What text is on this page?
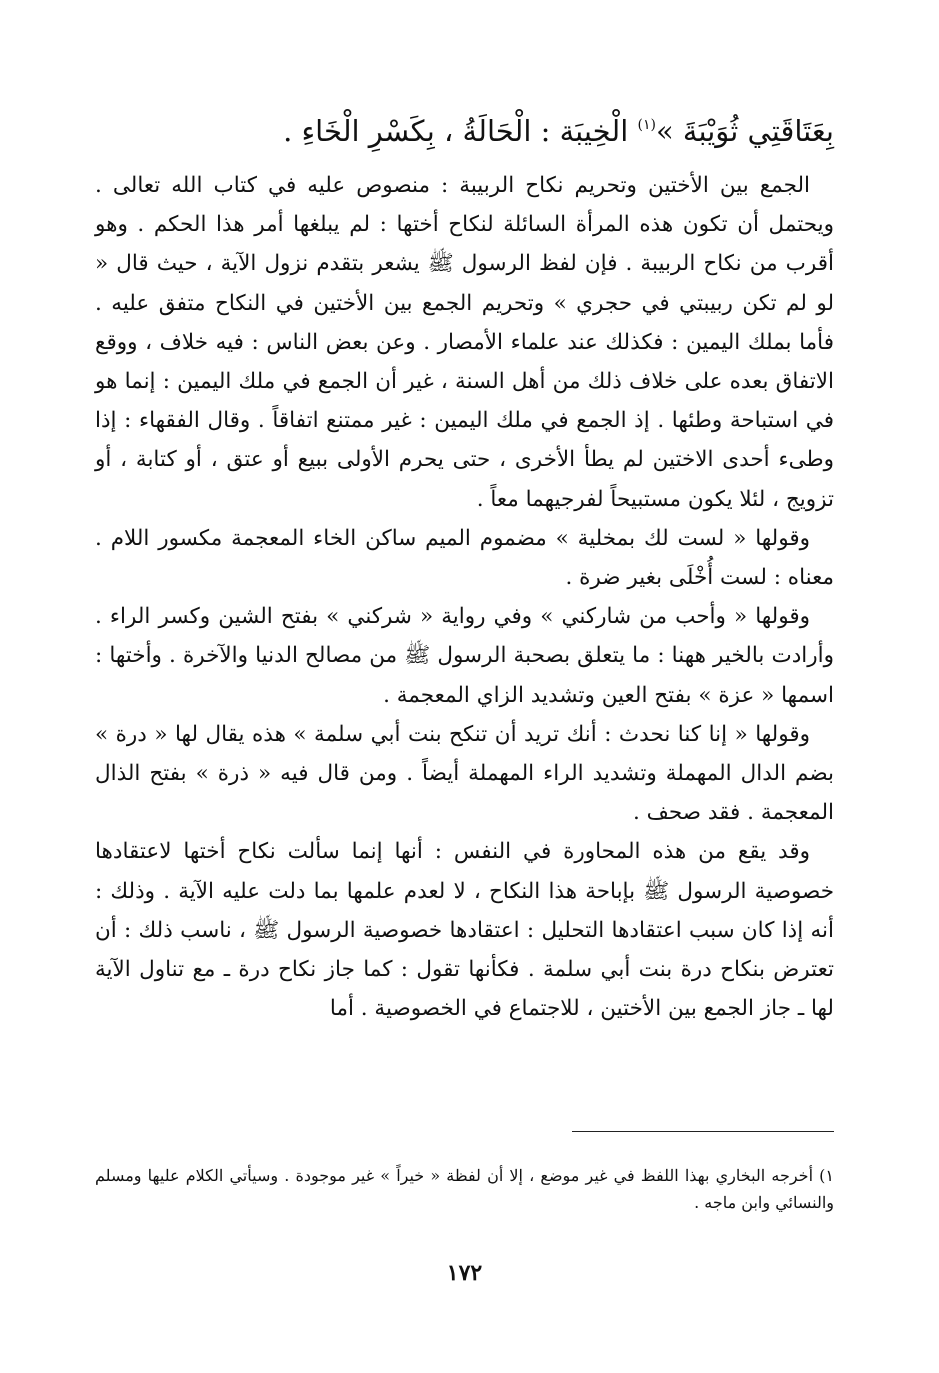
بِعَتَاقَتِي ثُوَيْبَةَ »$^{(١)}$ الْخِيبَة : الْحَالَةُ ، بِكَسْرِ الْخَاءِ .

الجمع بين الأختين وتحريم نكاح الربيبة : منصوص عليه في كتاب الله تعالى . ويحتمل أن تكون هذه المرأة السائلة لنكاح أختها : لم يبلغها أمر هذا الحكم . وهو أقرب من نكاح الربيبة . فإن لفظ الرسول ﷺ يشعر بتقدم نزول الآية ، حيث قال « لو لم تكن ربيبتي في حجري » وتحريم الجمع بين الأختين في النكاح متفق عليه . فأما بملك اليمين : فكذلك عند علماء الأمصار . وعن بعض الناس : فيه خلاف ، ووقع الاتفاق بعده على خلاف ذلك من أهل السنة ، غير أن الجمع في ملك اليمين : إنما هو في استباحة وطئها . إذ الجمع في ملك اليمين : غير ممتنع اتفاقاً . وقال الفقهاء : إذا وطىء أحدى الاختين لم يطأ الأخرى ، حتى يحرم الأولى ببيع أو عتق ، أو كتابة ، أو تزويج ، لئلا يكون مستبيحاً لفرجيهما معاً .

وقولها « لست لك بمخلية » مضموم الميم ساكن الخاء المعجمة مكسور اللام . معناه : لست أُخْلَى بغير ضرة .

وقولها « وأحب من شاركني » وفي رواية « شركني » بفتح الشين وكسر الراء . وأرادت بالخير ههنا : ما يتعلق بصحبة الرسول ﷺ من مصالح الدنيا والآخرة . وأختها : اسمها « عزة » بفتح العين وتشديد الزاي المعجمة .

وقولها « إنا كنا نحدث : أنك تريد أن تنكح بنت أبي سلمة » هذه يقال لها « درة » بضم الدال المهملة وتشديد الراء المهملة أيضاً . ومن قال فيه « ذرة » بفتح الذال المعجمة . فقد صحف .

وقد يقع من هذه المحاورة في النفس : أنها إنما سألت نكاح أختها لاعتقادها خصوصية الرسول ﷺ بإباحة هذا النكاح ، لا لعدم علمها بما دلت عليه الآية . وذلك : أنه إذا كان سبب اعتقادها التحليل : اعتقادها خصوصية الرسول ﷺ ، ناسب ذلك : أن تعترض بنكاح درة بنت أبي سلمة . فكأنها تقول : كما جاز نكاح درة ـ مع تناول الآية لها ـ جاز الجمع بين الأختين ، للاجتماع في الخصوصية . أما

١) أخرجه البخاري بهذا اللفظ في غير موضع ، إلا أن لفظة « خيراً » غير موجودة . وسيأتي الكلام عليها ومسلم والنسائي وابن ماجه .
١٧٢
